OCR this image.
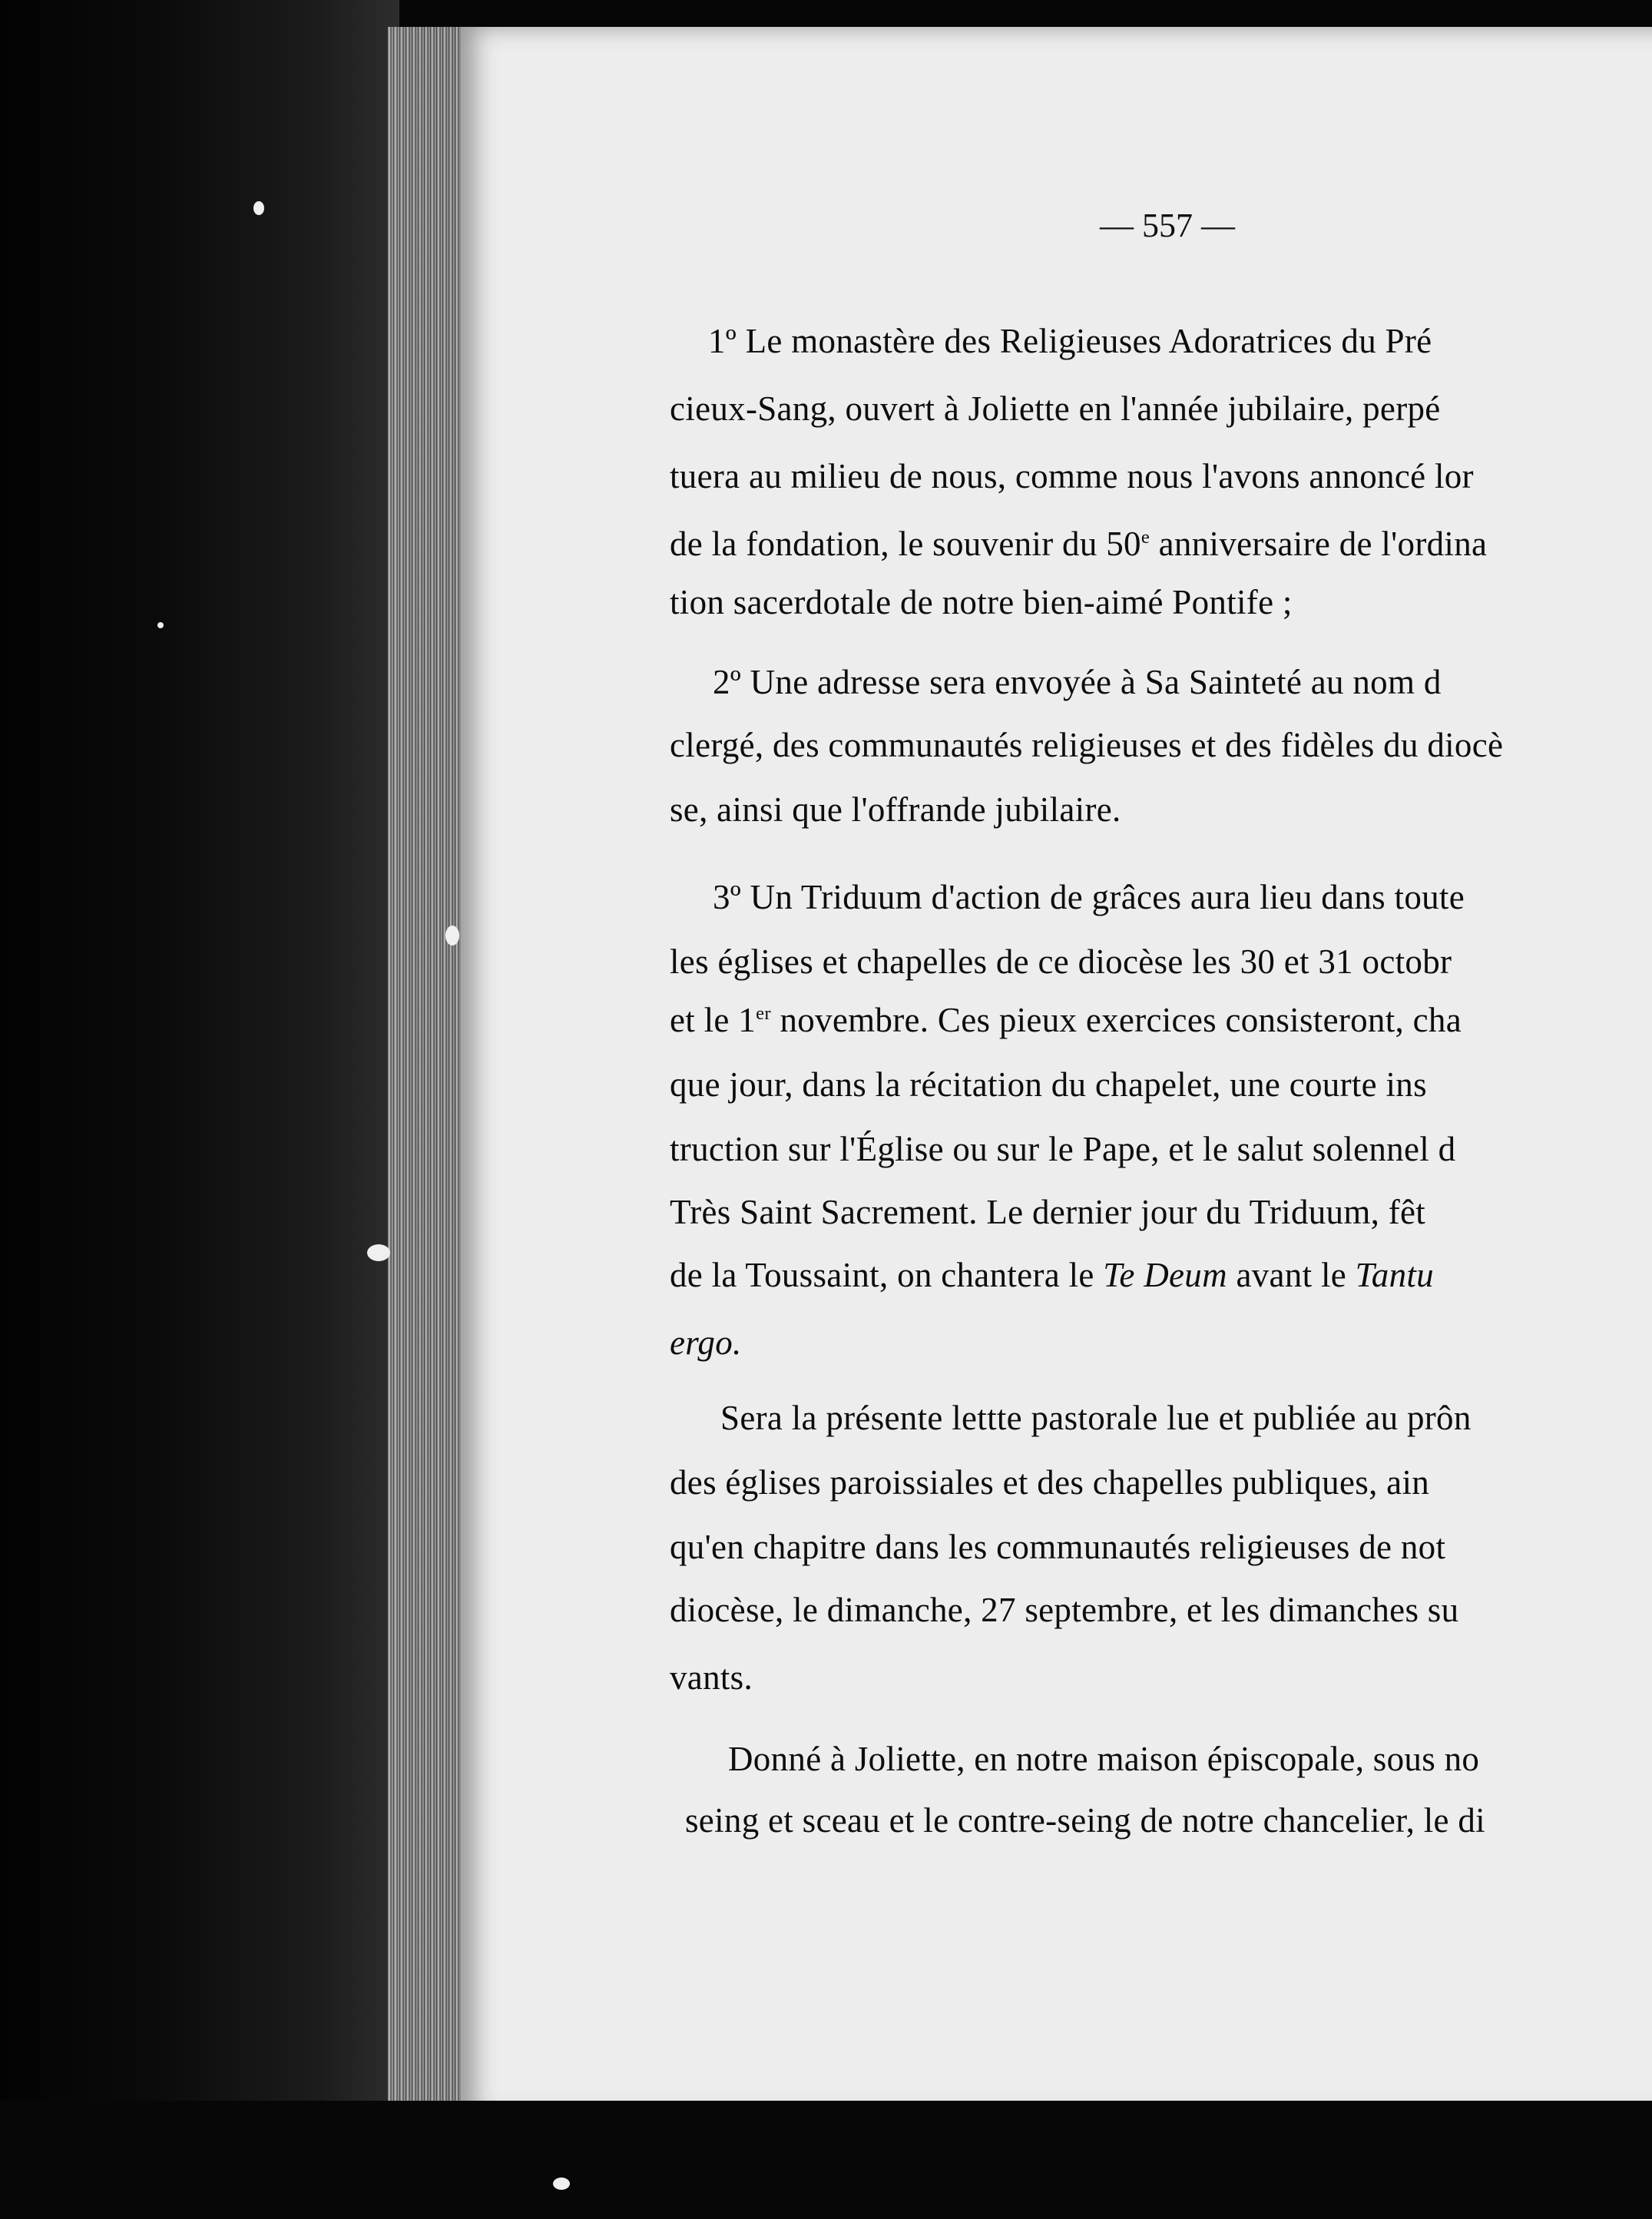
— 557 —
1º Le monastère des Religieuses Adoratrices du Pré
cieux-Sang, ouvert à Joliette en l'année jubilaire, perpé
tuera au milieu de nous, comme nous l'avons annoncé lor
de la fondation, le souvenir du 50e anniversaire de l'ordina
tion sacerdotale de notre bien-aimé Pontife ;
2º Une adresse sera envoyée à Sa Sainteté au nom d
clergé, des communautés religieuses et des fidèles du diocè
se, ainsi que l'offrande jubilaire.
3º Un Triduum d'action de grâces aura lieu dans toute
les églises et chapelles de ce diocèse les 30 et 31 octobr
et le 1er novembre. Ces pieux exercices consisteront, cha
que jour, dans la récitation du chapelet, une courte ins
truction sur l'Église ou sur le Pape, et le salut solennel d
Très Saint Sacrement. Le dernier jour du Triduum, fêt
de la Toussaint, on chantera le Te Deum avant le Tantu
ergo.
Sera la présente lettte pastorale lue et publiée au prôn
des églises paroissiales et des chapelles publiques, ain
qu'en chapitre dans les communautés religieuses de not
diocèse, le dimanche, 27 septembre, et les dimanches su
vants.
Donné à Joliette, en notre maison épiscopale, sous no
seing et sceau et le contre-seing de notre chancelier, le di
